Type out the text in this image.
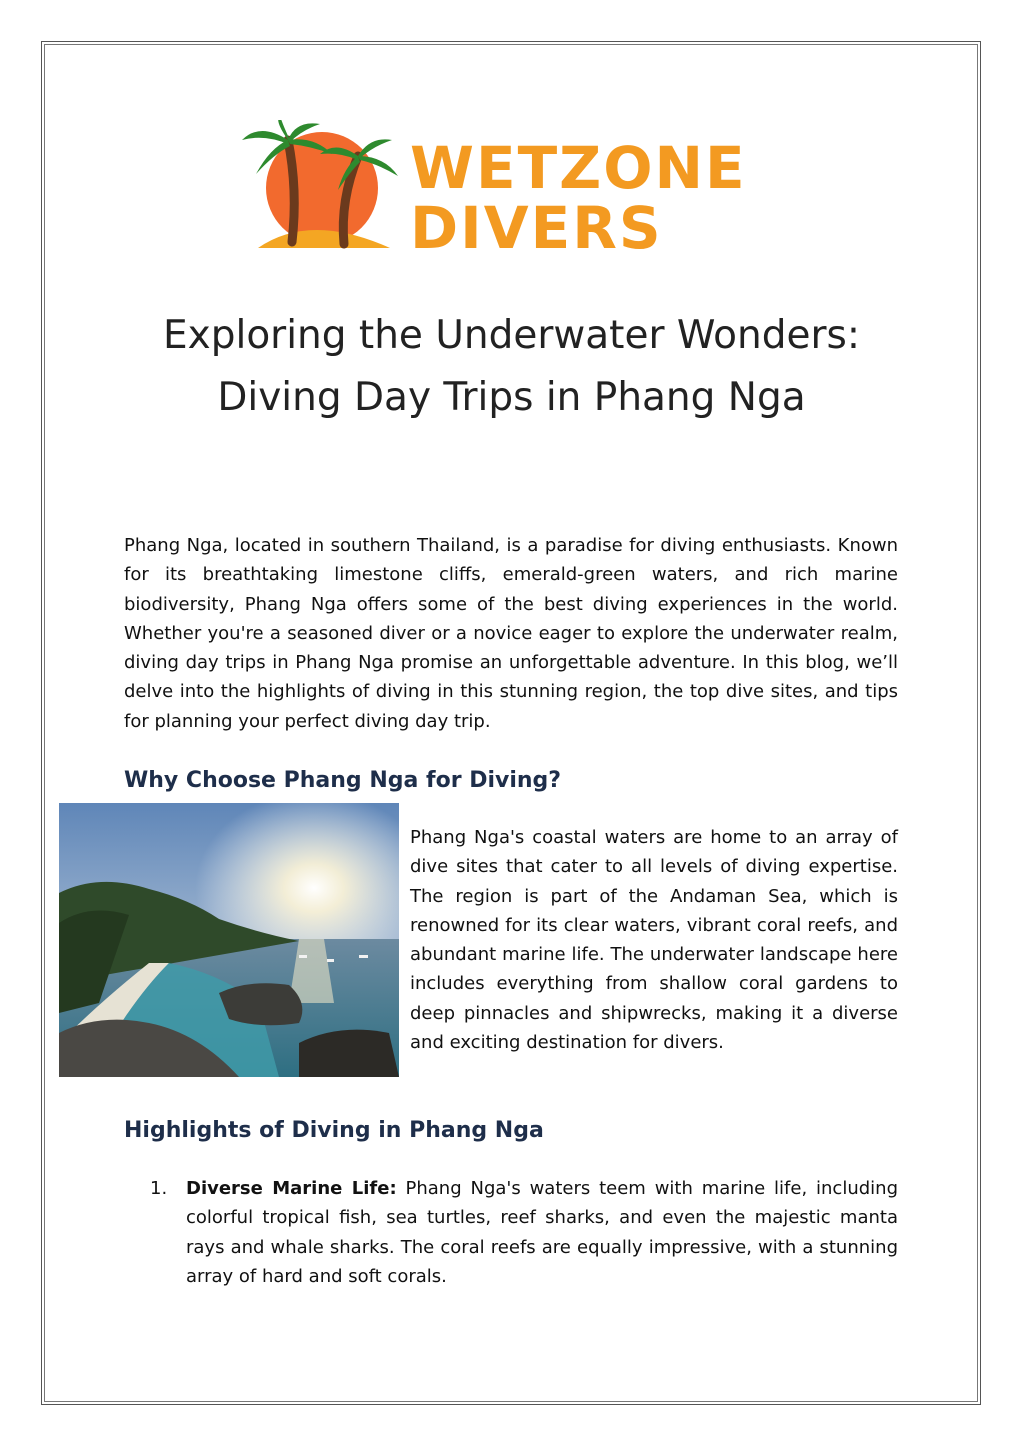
WETZONE
DIVERS
Exploring the Underwater Wonders:
Diving Day Trips in Phang Nga

Phang Nga, located in southern Thailand, is a paradise for diving enthusiasts. Known for its breathtaking limestone cliffs, emerald-green waters, and rich marine biodiversity, Phang Nga offers some of the best diving experiences in the world. Whether you're a seasoned diver or a novice eager to explore the underwater realm, diving day trips in Phang Nga promise an unforgettable adventure. In this blog, we’ll delve into the highlights of diving in this stunning region, the top dive sites, and tips for planning your perfect diving day trip.

Why Choose Phang Nga for Diving?

Phang Nga's coastal waters are home to an array of dive sites that cater to all levels of diving expertise. The region is part of the Andaman Sea, which is renowned for its clear waters, vibrant coral reefs, and abundant marine life. The underwater landscape here includes everything from shallow coral gardens to deep pinnacles and shipwrecks, making it a diverse and exciting destination for divers.

Highlights of Diving in Phang Nga
1. Diverse Marine Life: Phang Nga's waters teem with marine life, including colorful tropical fish, sea turtles, reef sharks, and even the majestic manta rays and whale sharks. The coral reefs are equally impressive, with a stunning array of hard and soft corals.
